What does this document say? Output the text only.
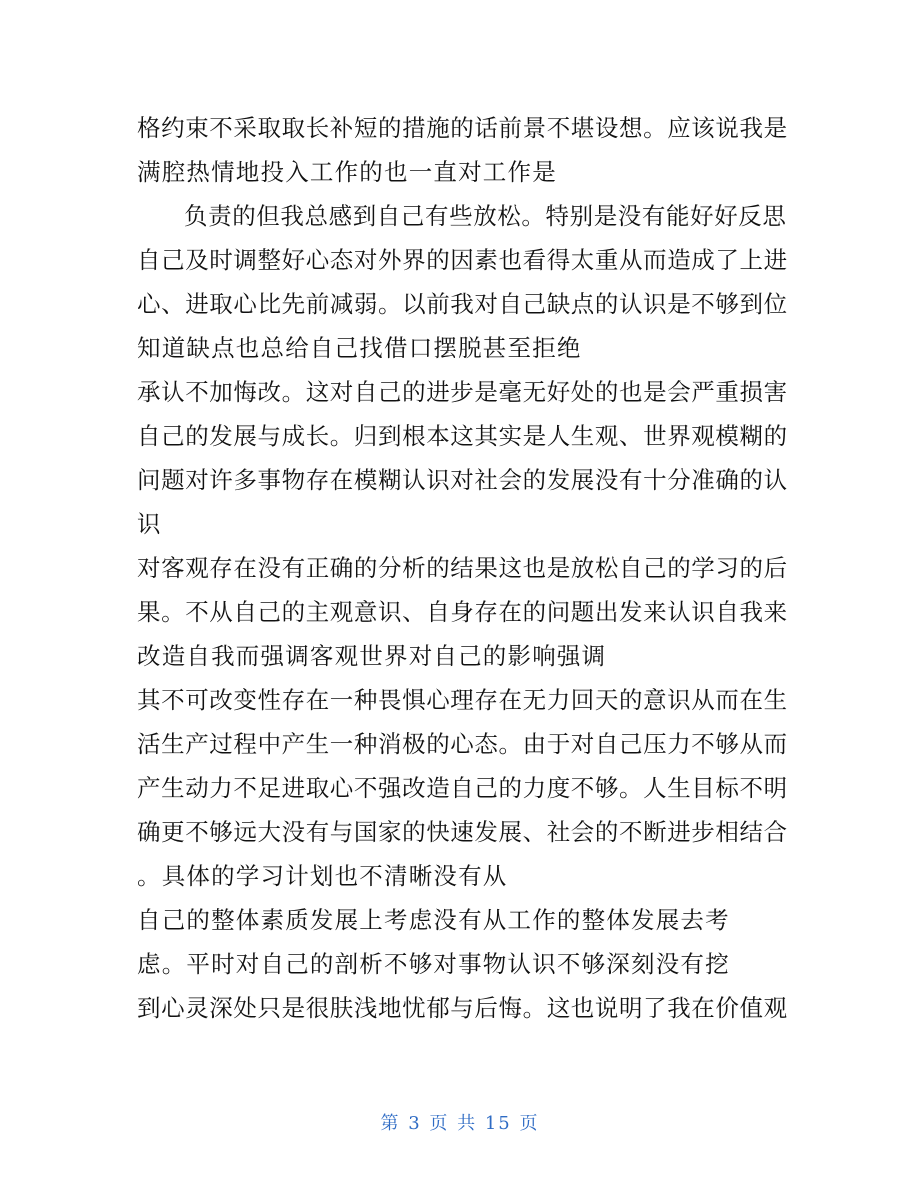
格约束不采取取长补短的措施的话前景不堪设想。应该说我是
满腔热情地投入工作的也一直对工作是
负责的但我总感到自己有些放松。特别是没有能好好反思
自己及时调整好心态对外界的因素也看得太重从而造成了上进
心、进取心比先前减弱。以前我对自己缺点的认识是不够到位
知道缺点也总给自己找借口摆脱甚至拒绝
承认不加悔改。这对自己的进步是毫无好处的也是会严重损害
自己的发展与成长。归到根本这其实是人生观、世界观模糊的
问题对许多事物存在模糊认识对社会的发展没有十分准确的认
识
对客观存在没有正确的分析的结果这也是放松自己的学习的后
果。不从自己的主观意识、自身存在的问题出发来认识自我来
改造自我而强调客观世界对自己的影响强调
其不可改变性存在一种畏惧心理存在无力回天的意识从而在生
活生产过程中产生一种消极的心态。由于对自己压力不够从而
产生动力不足进取心不强改造自己的力度不够。人生目标不明
确更不够远大没有与国家的快速发展、社会的不断进步相结合
。具体的学习计划也不清晰没有从
自己的整体素质发展上考虑没有从工作的整体发展去考
虑。平时对自己的剖析不够对事物认识不够深刻没有挖
到心灵深处只是很肤浅地忧郁与后悔。这也说明了我在价值观
第 3 页 共 15 页
